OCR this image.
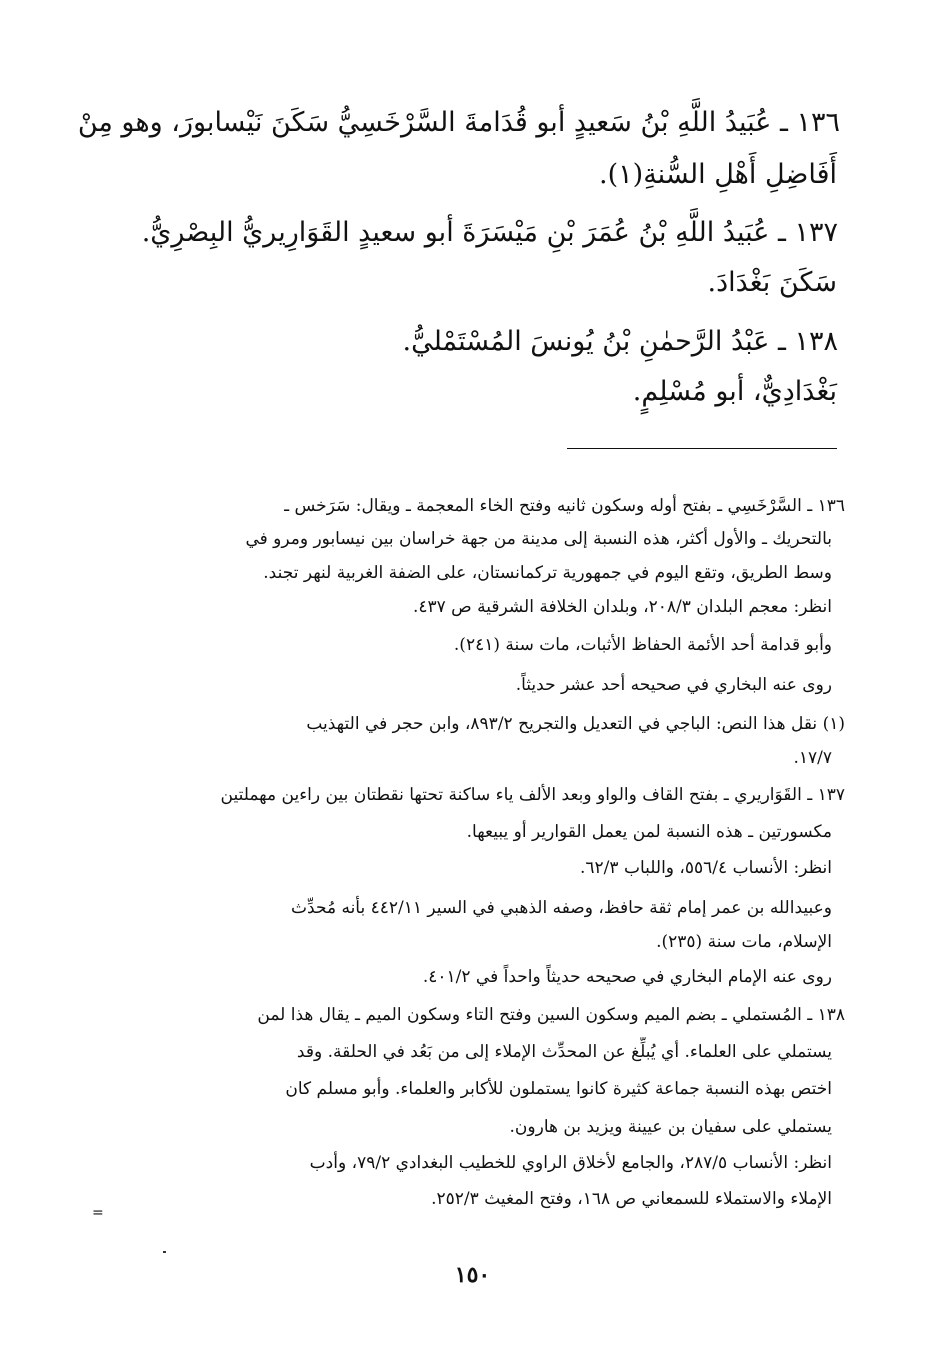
١٣٦ ـ عُبَيدُ اللَّهِ بْنُ سَعيدٍ أبو قُدَامةَ السَّرْخَسِيُّ سَكَنَ نَيْسابورَ، وهو مِنْ
أَفَاضِلِ أَهْلِ السُّنةِ(١).
١٣٧ ـ عُبَيدُ اللَّهِ بْنُ عُمَرَ بْنِ مَيْسَرَةَ أبو سعيدٍ القَوَارِيريُّ البِصْرِيُّ.
سَكَنَ بَغْدَادَ.
١٣٨ ـ عَبْدُ الرَّحمٰنِ بْنُ يُونسَ المُسْتَمْليُّ.
بَغْدَادِيٌّ، أبو مُسْلِمٍ.
١٣٦ ـ السَّرْخَسِي ـ بفتح أوله وسكون ثانيه وفتح الخاء المعجمة ـ ويقال: سَرَخس ـ
بالتحريك ـ والأول أكثر، هذه النسبة إلى مدينة من جهة خراسان بين نيسابور ومرو في
وسط الطريق، وتقع اليوم في جمهورية تركمانستان، على الضفة الغربية لنهر تجند.
انظر: معجم البلدان ٢٠٨/٣، وبلدان الخلافة الشرقية ص ٤٣٧.
وأبو قدامة أحد الأئمة الحفاظ الأثبات، مات سنة (٢٤١).
روى عنه البخاري في صحيحه أحد عشر حديثاً.
(١) نقل هذا النص: الباجي في التعديل والتجريح ٨٩٣/٢، وابن حجر في التهذيب
١٧/٧.
١٣٧ ـ القَوَاريري ـ بفتح القاف والواو وبعد الألف ياء ساكنة تحتها نقطتان بين راءين مهملتين
مكسورتين ـ هذه النسبة لمن يعمل القوارير أو يبيعها.
انظر: الأنساب ٥٥٦/٤، واللباب ٦٢/٣.
وعبيدالله بن عمر إمام ثقة حافظ، وصفه الذهبي في السير ٤٤٢/١١ بأنه مُحدِّث
الإسلام، مات سنة (٢٣٥).
روى عنه الإمام البخاري في صحيحه حديثاً واحداً في ٤٠١/٢.
١٣٨ ـ المُستملي ـ بضم الميم وسكون السين وفتح التاء وسكون الميم ـ يقال هذا لمن
يستملي على العلماء. أي يُبلِّغ عن المحدِّث الإملاء إلى من بَعُد في الحلقة. وقد
اختص بهذه النسبة جماعة كثيرة كانوا يستملون للأكابر والعلماء. وأبو مسلم كان
يستملي على سفيان بن عيينة ويزيد بن هارون.
انظر: الأنساب ٢٨٧/٥، والجامع لأخلاق الراوي للخطيب البغدادي ٧٩/٢، وأدب
الإملاء والاستملاء للسمعاني ص ١٦٨، وفتح المغيث ٢٥٢/٣.
=
١٥٠
